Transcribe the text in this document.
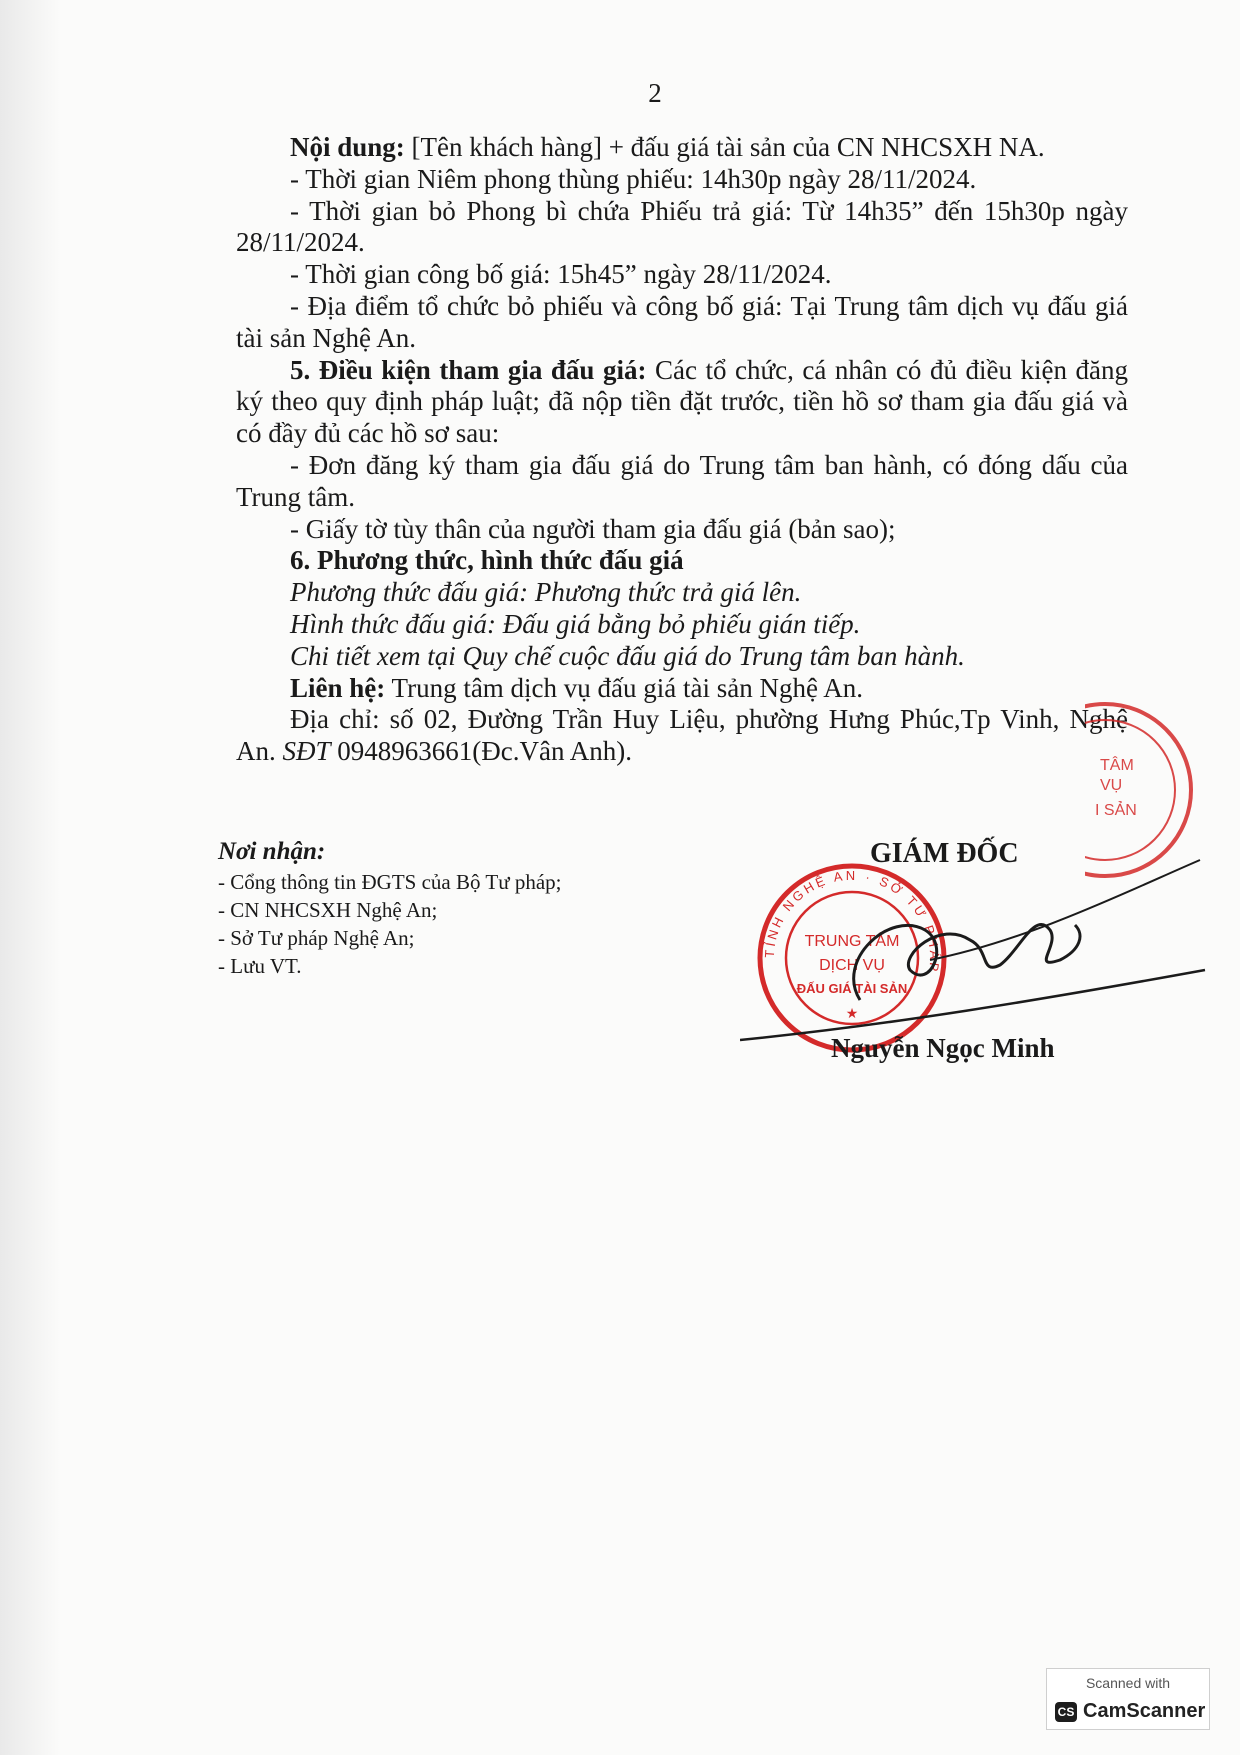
2

Nội dung: [Tên khách hàng] + đấu giá tài sản của CN NHCSXH NA.

- Thời gian Niêm phong thùng phiếu: 14h30p ngày 28/11/2024.

- Thời gian bỏ Phong bì chứa Phiếu trả giá: Từ 14h35” đến 15h30p ngày 28/11/2024.

- Thời gian công bố giá: 15h45” ngày 28/11/2024.

- Địa điểm tổ chức bỏ phiếu và công bố giá: Tại Trung tâm dịch vụ đấu giá tài sản Nghệ An.

5. Điều kiện tham gia đấu giá: Các tổ chức, cá nhân có đủ điều kiện đăng ký theo quy định pháp luật; đã nộp tiền đặt trước, tiền hồ sơ tham gia đấu giá và có đầy đủ các hồ sơ sau:

- Đơn đăng ký tham gia đấu giá do Trung tâm ban hành, có đóng dấu của Trung tâm.

- Giấy tờ tùy thân của người tham gia đấu giá (bản sao);

6. Phương thức, hình thức đấu giá

Phương thức đấu giá: Phương thức trả giá lên.

Hình thức đấu giá: Đấu giá bằng bỏ phiếu gián tiếp.

Chi tiết xem tại Quy chế cuộc đấu giá do Trung tâm ban hành.

Liên hệ: Trung tâm dịch vụ đấu giá tài sản Nghệ An.

Địa chỉ: số 02, Đường Trần Huy Liệu, phường Hưng Phúc,Tp Vinh, Nghệ An. SĐT 0948963661(Đc.Vân Anh).	TÂM
VỤ
I SẢN
Nơi nhận:
- Cổng thông tin ĐGTS của Bộ Tư pháp;
- CN NHCSXH Nghệ An;
- Sở Tư pháp Nghệ An;
- Lưu VT.
TỈNH NGHỆ AN · SỞ TƯ PHÁP
TRUNG TÂM
DỊCH VỤ
ĐẤU GIÁ TÀI SẢN
★
GIÁM ĐỐC
Nguyễn Ngọc Minh
Scanned with
CS CamScanner
